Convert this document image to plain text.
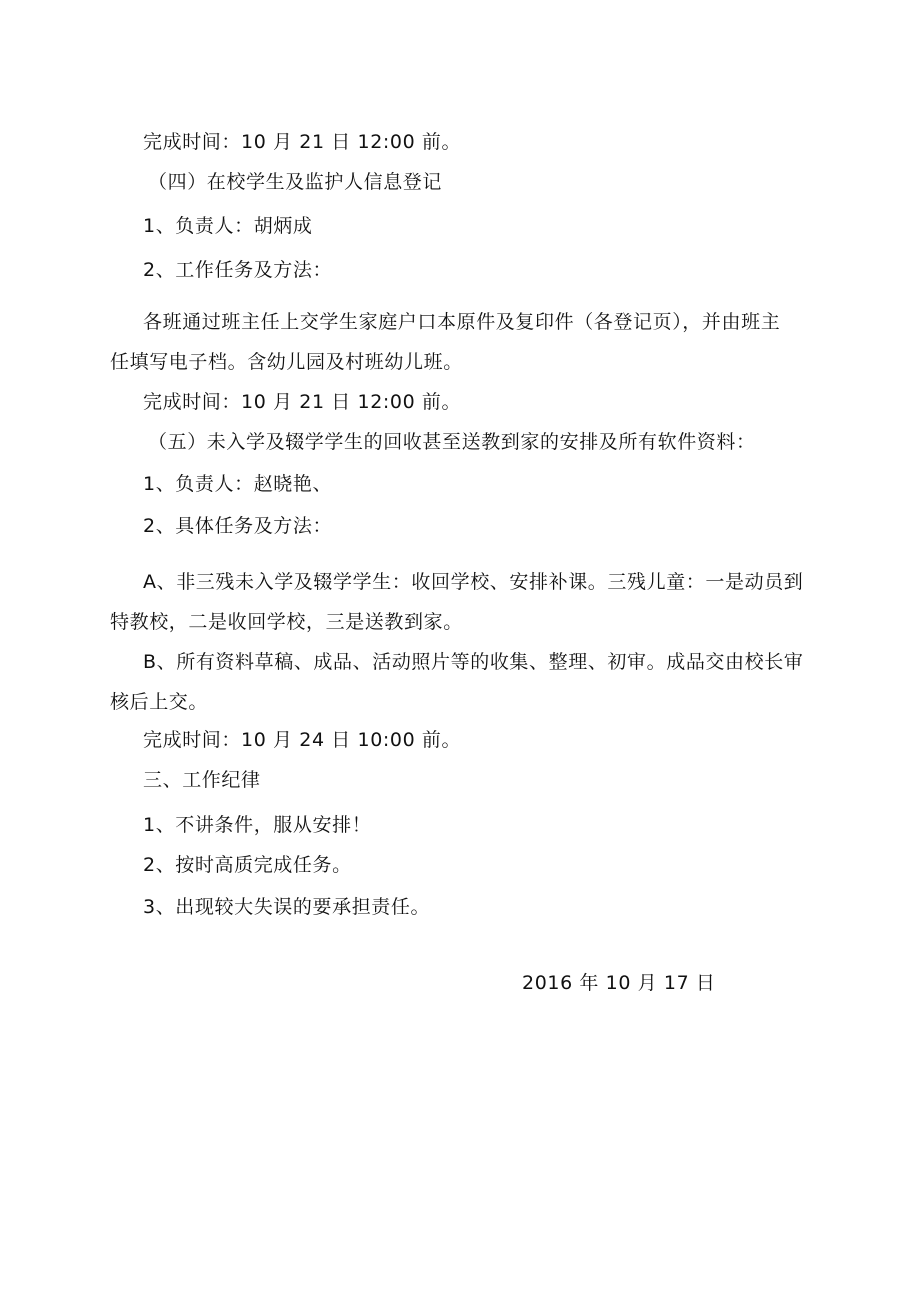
完成时间：10 月 21 日 12:00 前。
（四）在校学生及监护人信息登记
1、负责人：胡炳成
2、工作任务及方法：
各班通过班主任上交学生家庭户口本原件及复印件（各登记页），并由班主
任填写电子档。含幼儿园及村班幼儿班。
完成时间：10 月 21 日 12:00 前。
（五）未入学及辍学学生的回收甚至送教到家的安排及所有软件资料：
1、负责人：赵晓艳、
2、具体任务及方法：
A、非三残未入学及辍学学生：收回学校、安排补课。三残儿童：一是动员到
特教校，二是收回学校，三是送教到家。
B、所有资料草稿、成品、活动照片等的收集、整理、初审。成品交由校长审
核后上交。
完成时间：10 月 24 日 10:00 前。
三、工作纪律
1、不讲条件，服从安排！
2、按时高质完成任务。
3、出现较大失误的要承担责任。
2016 年 10 月 17 日
